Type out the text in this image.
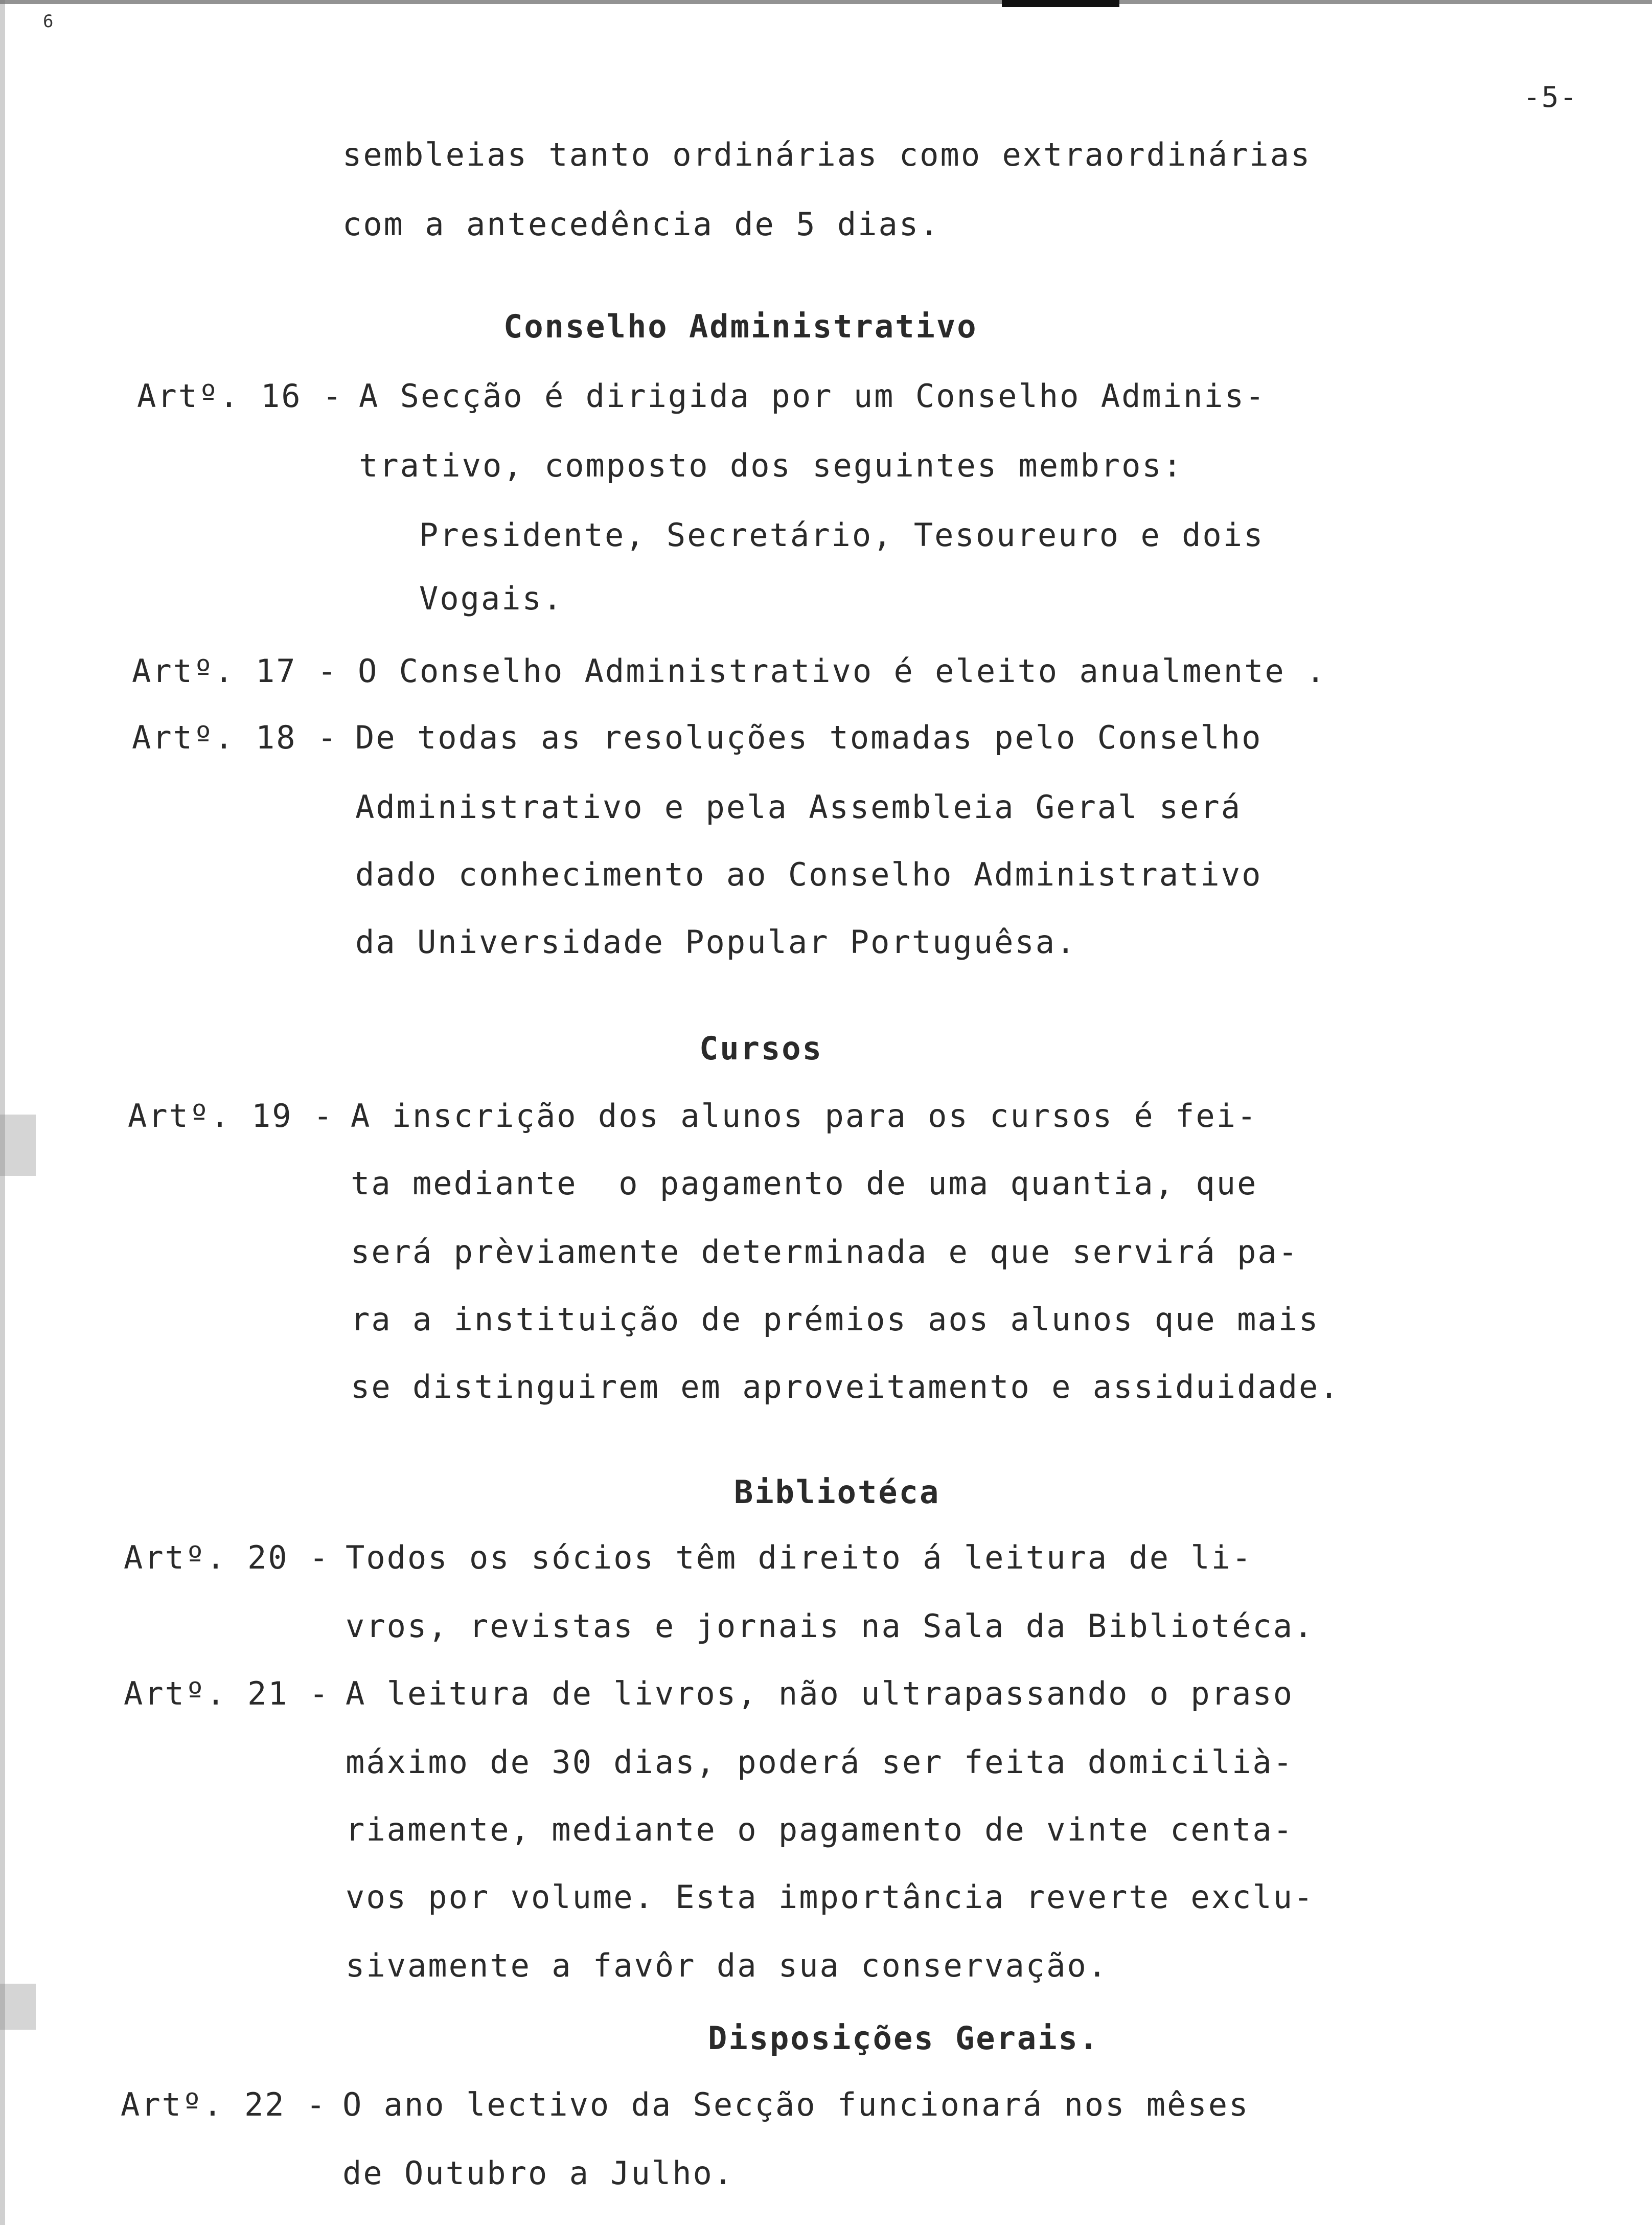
6
-5-
sembleias tanto ordinárias como extraordinárias
com a antecedência de 5 dias.
Conselho Administrativo
Artº. 16 - A Secção é dirigida por um Conselho Adminis-
trativo, composto dos seguintes membros:
Presidente, Secretário, Tesoureuro e dois
Vogais.
Artº. 17 - O Conselho Administrativo é eleito anualmente .
Artº. 18 - De todas as resoluções tomadas pelo Conselho
Administrativo e pela Assembleia Geral será
dado conhecimento ao Conselho Administrativo
da Universidade Popular Portuguêsa.
Cursos
Artº. 19 - A inscrição dos alunos para os cursos é fei-
ta mediante  o pagamento de uma quantia, que
será prèviamente determinada e que servirá pa-
ra a instituição de prémios aos alunos que mais
se distinguirem em aproveitamento e assiduidade.
Bibliotéca
Artº. 20 - Todos os sócios têm direito á leitura de li-
vros, revistas e jornais na Sala da Bibliotéca.
Artº. 21 - A leitura de livros, não ultrapassando o praso
máximo de 30 dias, poderá ser feita domicilià-
riamente, mediante o pagamento de vinte centa-
vos por volume. Esta importância reverte exclu-
sivamente a favôr da sua conservação.
Disposições Gerais.
Artº. 22 - O ano lectivo da Secção funcionará nos mêses
de Outubro a Julho.
